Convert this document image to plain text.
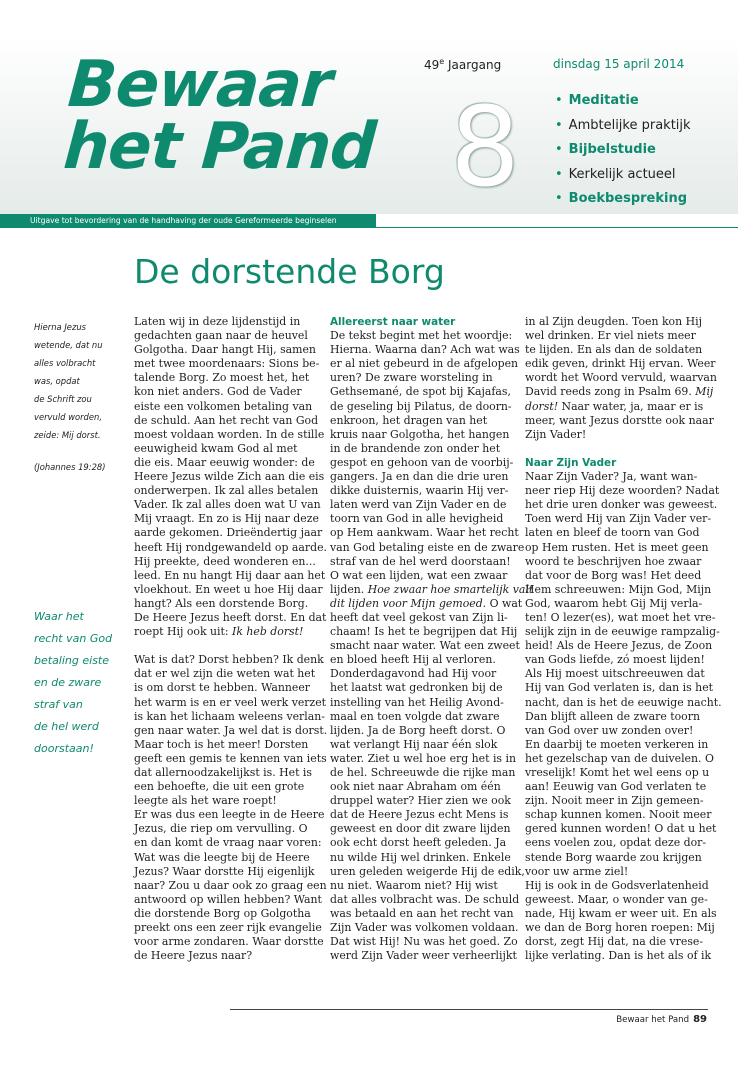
Bewaar
het Pand 8
49e Jaargang	dinsdag 15 april 2014
• Meditatie
• Ambtelijke praktijk
• Bijbelstudie
• Kerkelijk actueel
• Boekbespreking
Uitgave tot bevordering van de handhaving der oude Gereformeerde beginselen
De dorstende Borg
Hierna Jezus
wetende, dat nu
alles volbracht
was, opdat
de Schrift zou
vervuld worden,
zeide: Mij dorst.
(Johannes 19:28)
Waar het
recht van God
betaling eiste
en de zware
straf van
de hel werd
doorstaan!
Laten wij in deze lijdenstijd in
gedachten gaan naar de heuvel
Golgotha. Daar hangt Hij, samen
met twee moordenaars: Sions be-
talende Borg. Zo moest het, het
kon niet anders. God de Vader
eiste een volkomen betaling van
de schuld. Aan het recht van God
moest voldaan worden. In de stille
eeuwigheid kwam God al met
die eis. Maar eeuwig wonder: de
Heere Jezus wilde Zich aan die eis
onderwerpen. Ik zal alles betalen
Vader. Ik zal alles doen wat U van
Mij vraagt. En zo is Hij naar deze
aarde gekomen. Drieëndertig jaar
heeft Hij rondgewandeld op aarde.
Hij preekte, deed wonderen en...
leed. En nu hangt Hij daar aan het
vloekhout. En weet u hoe Hij daar
hangt? Als een dorstende Borg.
De Heere Jezus heeft dorst. En dat
roept Hij ook uit: Ik heb dorst!
Wat is dat? Dorst hebben? Ik denk
dat er wel zijn die weten wat het
is om dorst te hebben. Wanneer
het warm is en er veel werk verzet
is kan het lichaam weleens verlan-
gen naar water. Ja wel dat is dorst.
Maar toch is het meer! Dorsten
geeft een gemis te kennen van iets
dat allernoodzakelijkst is. Het is
een behoefte, die uit een grote
leegte als het ware roept!
Er was dus een leegte in de Heere
Jezus, die riep om vervulling. O
en dan komt de vraag naar voren:
Wat was die leegte bij de Heere
Jezus? Waar dorstte Hij eigenlijk
naar? Zou u daar ook zo graag een
antwoord op willen hebben? Want
die dorstende Borg op Golgotha
preekt ons een zeer rijk evangelie
voor arme zondaren. Waar dorstte
de Heere Jezus naar?
Allereerst naar water
De tekst begint met het woordje:
Hierna. Waarna dan? Ach wat was
er al niet gebeurd in de afgelopen
uren? De zware worsteling in
Gethsemané, de spot bij Kajafas,
de geseling bij Pilatus, de doorn-
enkroon, het dragen van het
kruis naar Golgotha, het hangen
in de brandende zon onder het
gespot en gehoon van de voorbij-
gangers. Ja en dan die drie uren
dikke duisternis, waarin Hij ver-
laten werd van Zijn Vader en de
toorn van God in alle hevigheid
op Hem aankwam. Waar het recht
van God betaling eiste en de zware
straf van de hel werd doorstaan!
O wat een lijden, wat een zwaar
lijden. Hoe zwaar hoe smartelijk valt
dit lijden voor Mijn gemoed. O wat
heeft dat veel gekost van Zijn li-
chaam! Is het te begrijpen dat Hij
smacht naar water. Wat een zweet
en bloed heeft Hij al verloren.
Donderdagavond had Hij voor
het laatst wat gedronken bij de
instelling van het Heilig Avond-
maal en toen volgde dat zware
lijden. Ja de Borg heeft dorst. O
wat verlangt Hij naar één slok
water. Ziet u wel hoe erg het is in
de hel. Schreeuwde die rijke man
ook niet naar Abraham om één
druppel water? Hier zien we ook
dat de Heere Jezus echt Mens is
geweest en door dit zware lijden
ook echt dorst heeft geleden. Ja
nu wilde Hij wel drinken. Enkele
uren geleden weigerde Hij de edik,
nu niet. Waarom niet? Hij wist
dat alles volbracht was. De schuld
was betaald en aan het recht van
Zijn Vader was volkomen voldaan.
Dat wist Hij! Nu was het goed. Zo
werd Zijn Vader weer verheerlijkt
in al Zijn deugden. Toen kon Hij
wel drinken. Er viel niets meer
te lijden. En als dan de soldaten
edik geven, drinkt Hij ervan. Weer
wordt het Woord vervuld, waarvan
David reeds zong in Psalm 69. Mij
dorst! Naar water, ja, maar er is
meer, want Jezus dorstte ook naar
Zijn Vader!
Naar Zijn Vader
Naar Zijn Vader? Ja, want wan-
neer riep Hij deze woorden? Nadat
het drie uren donker was geweest.
Toen werd Hij van Zijn Vader ver-
laten en bleef de toorn van God
op Hem rusten. Het is meet geen
woord te beschrijven hoe zwaar
dat voor de Borg was! Het deed
Hem schreeuwen: Mijn God, Mijn
God, waarom hebt Gij Mij verla-
ten! O lezer(es), wat moet het vre-
selijk zijn in de eeuwige rampzalig-
heid! Als de Heere Jezus, de Zoon
van Gods liefde, zó moest lijden!
Als Hij moest uitschreeuwen dat
Hij van God verlaten is, dan is het
nacht, dan is het de eeuwige nacht.
Dan blijft alleen de zware toorn
van God over uw zonden over!
En daarbij te moeten verkeren in
het gezelschap van de duivelen. O
vreselijk! Komt het wel eens op u
aan! Eeuwig van God verlaten te
zijn. Nooit meer in Zijn gemeen-
schap kunnen komen. Nooit meer
gered kunnen worden! O dat u het
eens voelen zou, opdat deze dor-
stende Borg waarde zou krijgen
voor uw arme ziel!
Hij is ook in de Godsverlatenheid
geweest. Maar, o wonder van ge-
nade, Hij kwam er weer uit. En als
we dan de Borg horen roepen: Mij
dorst, zegt Hij dat, na die vrese-
lijke verlating. Dan is het als of ik
Bewaar het Pand 89
